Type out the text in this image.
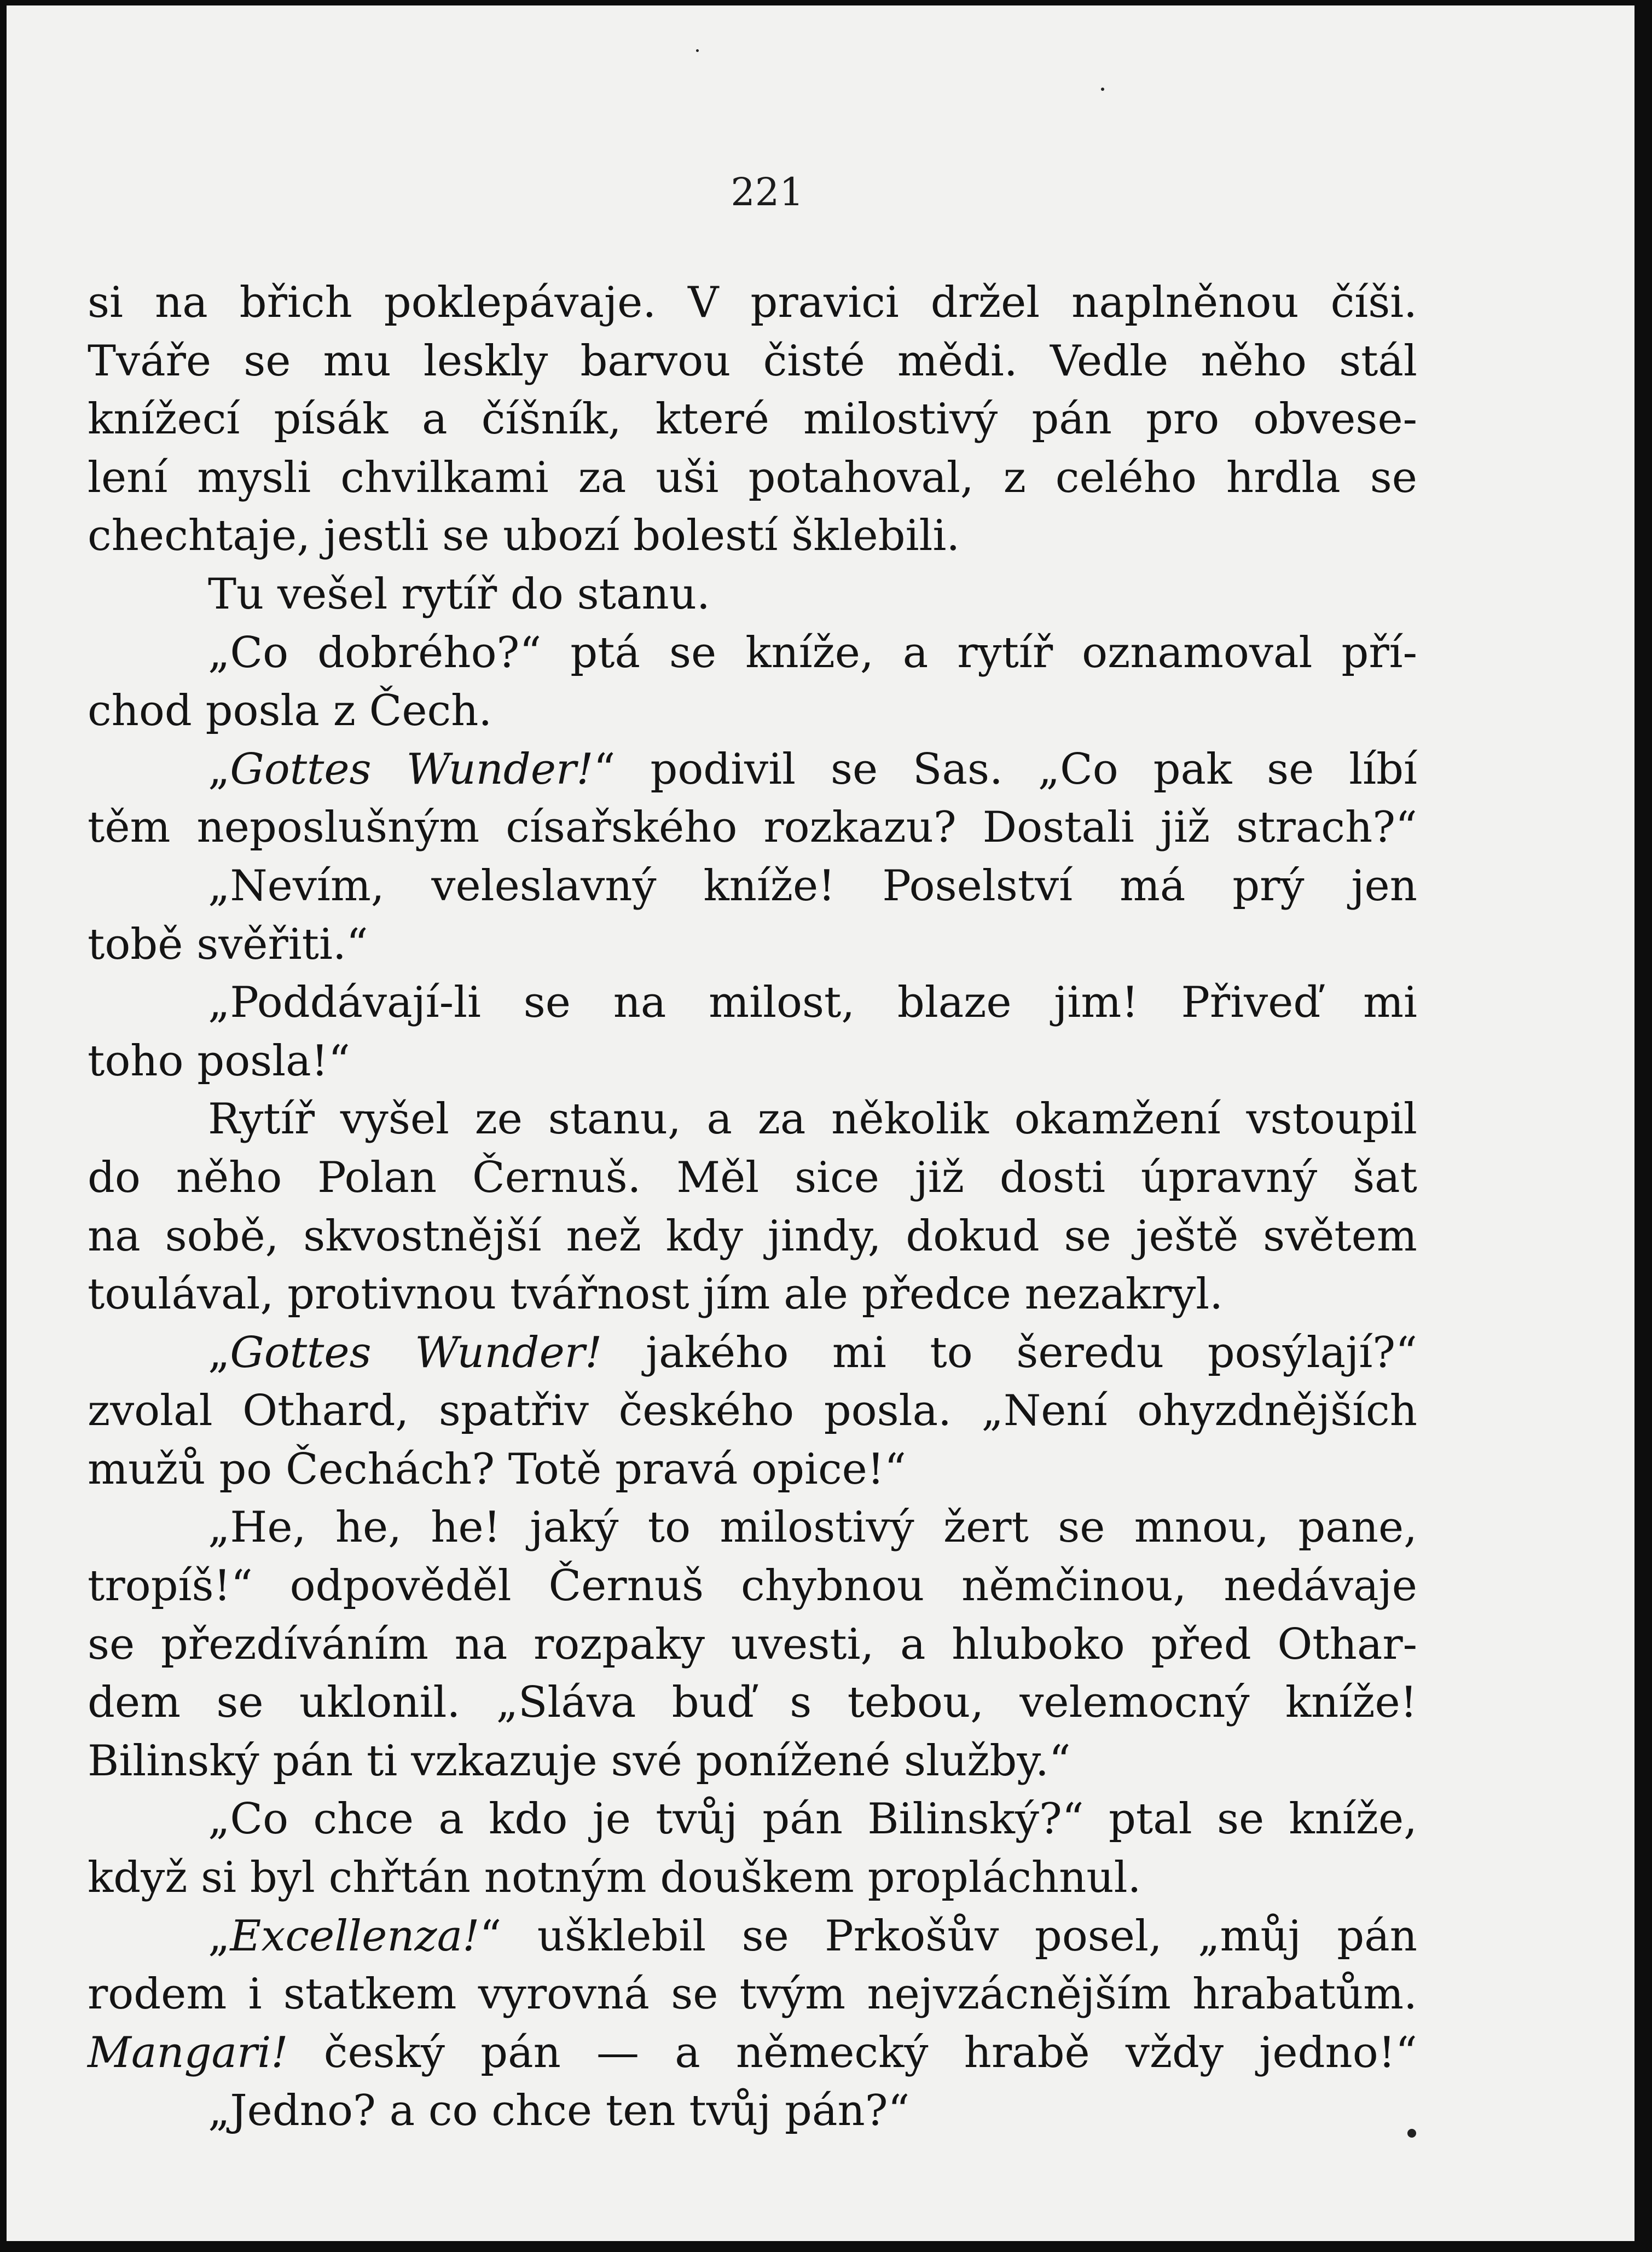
221
si na břich poklepávaje. V pravici držel naplněnou číši.
Tváře se mu leskly barvou čisté mědi. Vedle něho stál
knížecí písák a číšník, které milostivý pán pro obvese-
lení mysli chvilkami za uši potahoval, z celého hrdla se
chechtaje, jestli se ubozí bolestí šklebili.
Tu vešel rytíř do stanu.
„Co dobrého?“ ptá se kníže, a rytíř oznamoval pří-
chod posla z Čech.
„Gottes Wunder!“ podivil se Sas. „Co pak se líbí
těm neposlušným císařského rozkazu? Dostali již strach?“
„Nevím, veleslavný kníže! Poselství má prý jen
tobě svěřiti.“
„Poddávají-li se na milost, blaze jim! Přiveď mi
toho posla!“
Rytíř vyšel ze stanu, a za několik okamžení vstoupil
do něho Polan Černuš. Měl sice již dosti úpravný šat
na sobě, skvostnější než kdy jindy, dokud se ještě světem
toulával, protivnou tvářnost jím ale předce nezakryl.
„Gottes Wunder! jakého mi to šeredu posýlají?“
zvolal Othard, spatřiv českého posla. „Není ohyzdnějších
mužů po Čechách? Totě pravá opice!“
„He, he, he! jaký to milostivý žert se mnou, pane,
tropíš!“ odpověděl Černuš chybnou němčinou, nedávaje
se přezdíváním na rozpaky uvesti, a hluboko před Othar-
dem se uklonil. „Sláva buď s tebou, velemocný kníže!
Bilinský pán ti vzkazuje své ponížené služby.“
„Co chce a kdo je tvůj pán Bilinský?“ ptal se kníže,
když si byl chřtán notným douškem propláchnul.
„Excellenza!“ ušklebil se Prkošův posel, „můj pán
rodem i statkem vyrovná se tvým nejvzácnějším hrabatům.
Mangari! český pán — a německý hrabě vždy jedno!“
„Jedno? a co chce ten tvůj pán?“
